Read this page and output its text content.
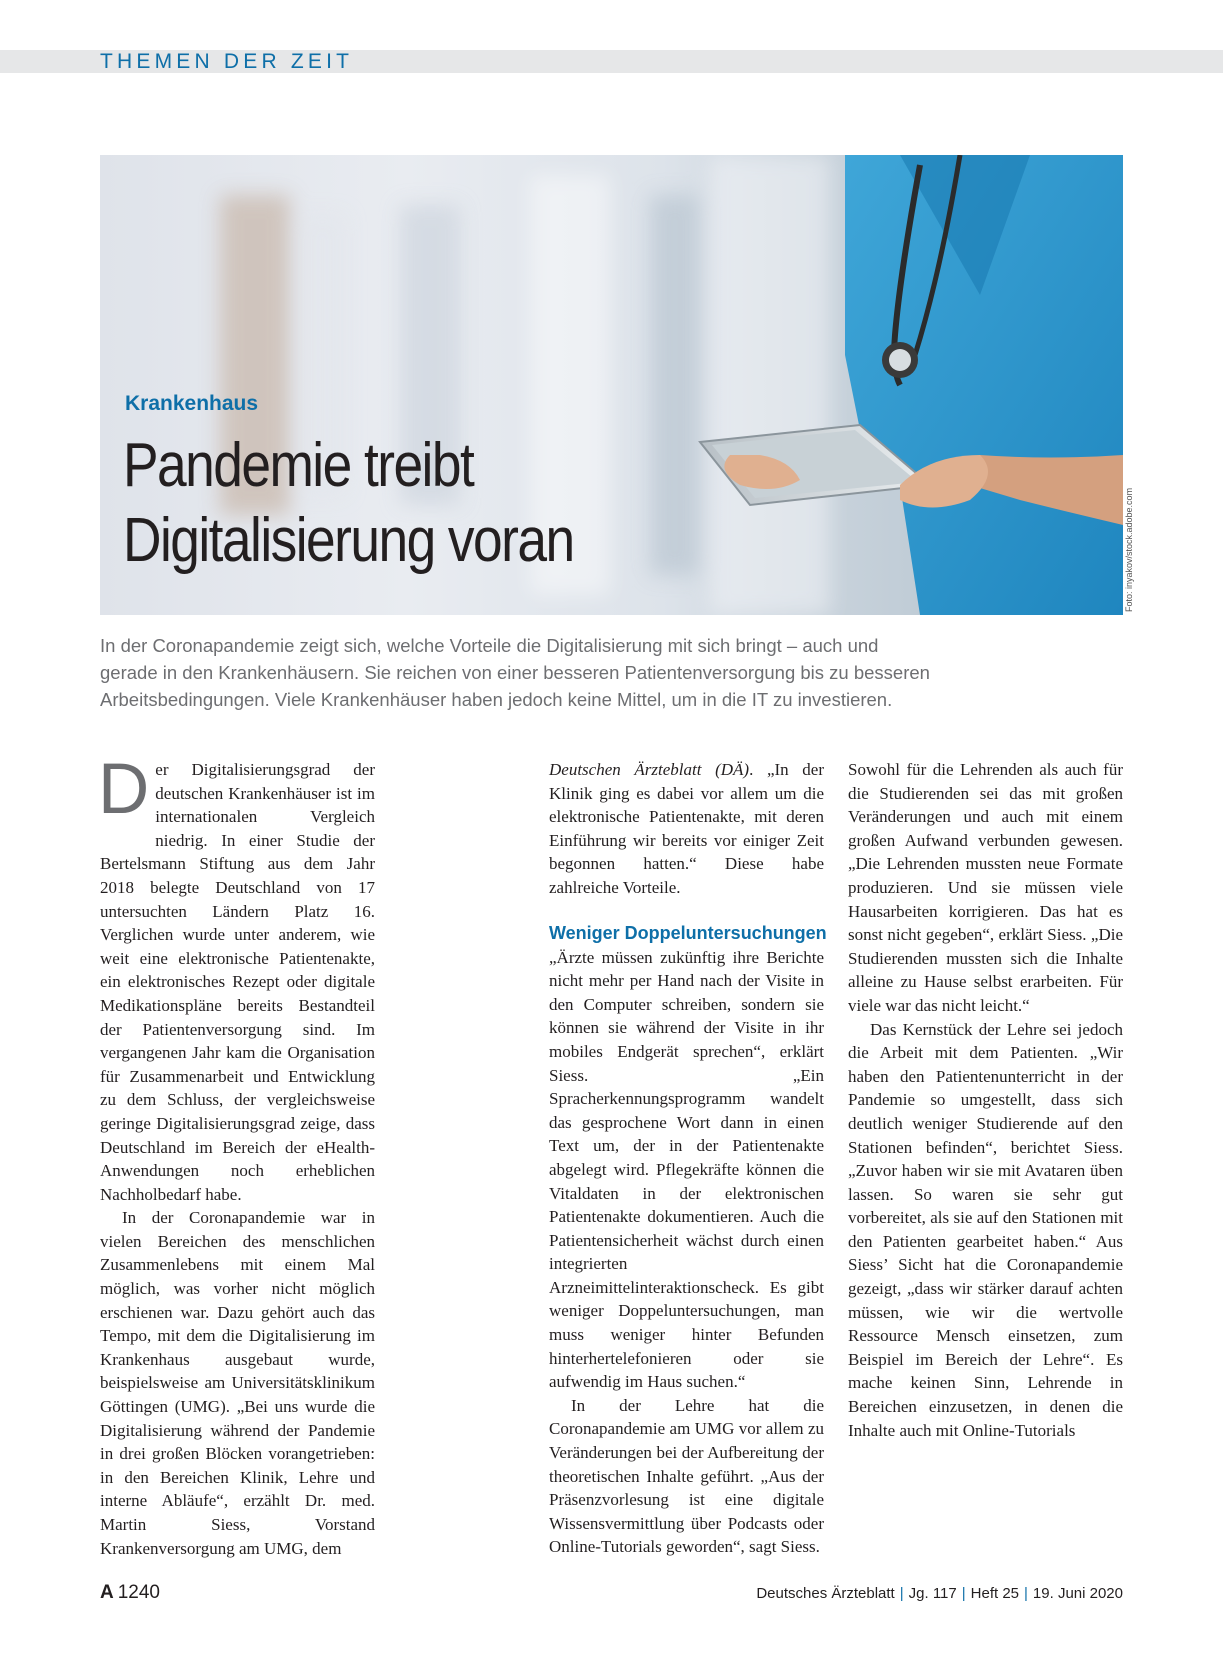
THEMEN DER ZEIT
Krankenhaus
Pandemie treibt
Digitalisierung voran	Foto: inyakov/stock.adobe.com

In der Coronapandemie zeigt sich, welche Vorteile die Digitalisierung mit sich bringt – auch und
gerade in den Krankenhäusern. Sie reichen von einer besseren Patientenversorgung bis zu besseren
Arbeitsbedingungen. Viele Krankenhäuser haben jedoch keine Mittel, um in die IT zu investieren.

Der Digitalisierungsgrad der deutschen Krankenhäuser ist im internationalen Vergleich niedrig. In einer Studie der Bertelsmann Stiftung aus dem Jahr 2018 belegte Deutschland von 17 untersuchten Ländern Platz 16. Verglichen wurde unter anderem, wie weit eine elektronische Patientenakte, ein elektronisches Rezept oder digitale Medikationspläne bereits Bestandteil der Patientenversorgung sind. Im vergangenen Jahr kam die Organisation für Zusammenarbeit und Entwicklung zu dem Schluss, der vergleichsweise geringe Digitalisierungsgrad zeige, dass Deutschland im Bereich der eHealth-Anwendungen noch erheblichen Nachholbedarf habe.

In der Coronapandemie war in vielen Bereichen des menschlichen Zusammenlebens mit einem Mal möglich, was vorher nicht möglich erschienen war. Dazu gehört auch das Tempo, mit dem die Digitalisierung im Krankenhaus ausgebaut wurde, beispielsweise am Universitätsklinikum Göttingen (UMG). „Bei uns wurde die Digitalisierung während der Pandemie in drei großen Blöcken vorangetrieben: in den Bereichen Klinik, Lehre und interne Abläufe“, erzählt Dr. med. Martin Siess, Vorstand Krankenversorgung am UMG, dem

Deutschen Ärzteblatt (DÄ). „In der Klinik ging es dabei vor allem um die elektronische Patientenakte, mit deren Einführung wir bereits vor einiger Zeit begonnen hatten.“ Diese habe zahlreiche Vorteile.

Weniger Doppeluntersuchungen

„Ärzte müssen zukünftig ihre Berichte nicht mehr per Hand nach der Visite in den Computer schreiben, sondern sie können sie während der Visite in ihr mobiles Endgerät sprechen“, erklärt Siess. „Ein Spracherkennungsprogramm wandelt das gesprochene Wort dann in einen Text um, der in der Patientenakte abgelegt wird. Pflegekräfte können die Vitaldaten in der elektronischen Patientenakte dokumentieren. Auch die Patientensicherheit wächst durch einen integrierten Arzneimittelinteraktionscheck. Es gibt weniger Doppeluntersuchungen, man muss weniger hinter Befunden hinterhertelefonieren oder sie aufwendig im Haus suchen.“

In der Lehre hat die Coronapandemie am UMG vor allem zu Veränderungen bei der Aufbereitung der theoretischen Inhalte geführt. „Aus der Präsenzvorlesung ist eine digitale Wissensvermittlung über Podcasts oder Online-Tutorials geworden“, sagt Siess.

Sowohl für die Lehrenden als auch für die Studierenden sei das mit großen Veränderungen und auch mit einem großen Aufwand verbunden gewesen. „Die Lehrenden mussten neue Formate produzieren. Und sie müssen viele Hausarbeiten korrigieren. Das hat es sonst nicht gegeben“, erklärt Siess. „Die Studierenden mussten sich die Inhalte alleine zu Hause selbst erarbeiten. Für viele war das nicht leicht.“

Das Kernstück der Lehre sei jedoch die Arbeit mit dem Patienten. „Wir haben den Patientenunterricht in der Pandemie so umgestellt, dass sich deutlich weniger Studierende auf den Stationen befinden“, berichtet Siess. „Zuvor haben wir sie mit Avataren üben lassen. So waren sie sehr gut vorbereitet, als sie auf den Stationen mit den Patienten gearbeitet haben.“ Aus Siess’ Sicht hat die Coronapandemie gezeigt, „dass wir stärker darauf achten müssen, wie wir die wertvolle Ressource Mensch einsetzen, zum Beispiel im Bereich der Lehre“. Es mache keinen Sinn, Lehrende in Bereichen einzusetzen, in denen die Inhalte auch mit Online-Tutorials

A 1240	Deutsches Ärzteblatt | Jg. 117 | Heft 25 | 19. Juni 2020
